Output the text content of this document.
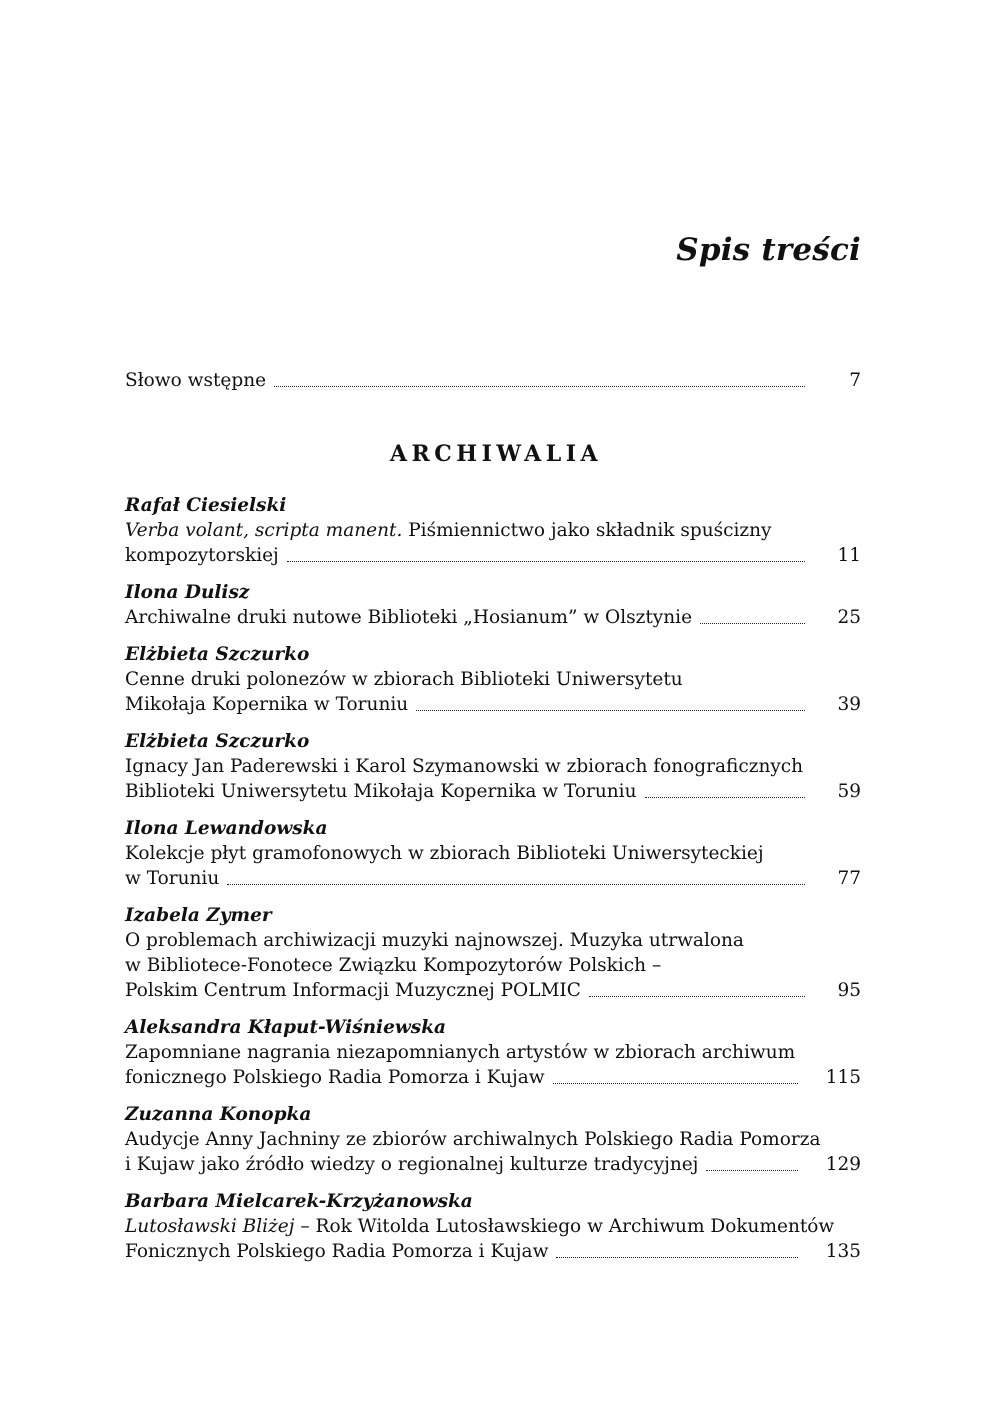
Spis treści
Słowo wstępne	7
ARCHIWALIA
Rafał Ciesielski
Verba volant, scripta manent. Piśmiennictwo jako składnik spuścizny
kompozytorskiej	11
Ilona Dulisz
Archiwalne druki nutowe Biblioteki „Hosianum” w Olsztynie	25
Elżbieta Szczurko
Cenne druki polonezów w zbiorach Biblioteki Uniwersytetu
Mikołaja Kopernika w Toruniu	39
Elżbieta Szczurko
Ignacy Jan Paderewski i Karol Szymanowski w zbiorach fonograficznych
Biblioteki Uniwersytetu Mikołaja Kopernika w Toruniu	59
Ilona Lewandowska
Kolekcje płyt gramofonowych w zbiorach Biblioteki Uniwersyteckiej
w Toruniu	77
Izabela Zymer
O problemach archiwizacji muzyki najnowszej. Muzyka utrwalona
w Bibliotece-Fonotece Związku Kompozytorów Polskich –
Polskim Centrum Informacji Muzycznej POLMIC	95
Aleksandra Kłaput-Wiśniewska
Zapomniane nagrania niezapomnianych artystów w zbiorach archiwum
fonicznego Polskiego Radia Pomorza i Kujaw	115
Zuzanna Konopka
Audycje Anny Jachniny ze zbiorów archiwalnych Polskiego Radia Pomorza
i Kujaw jako źródło wiedzy o regionalnej kulturze tradycyjnej	129
Barbara Mielcarek-Krzyżanowska
Lutosławski Bliżej – Rok Witolda Lutosławskiego w Archiwum Dokumentów
Fonicznych Polskiego Radia Pomorza i Kujaw	135
